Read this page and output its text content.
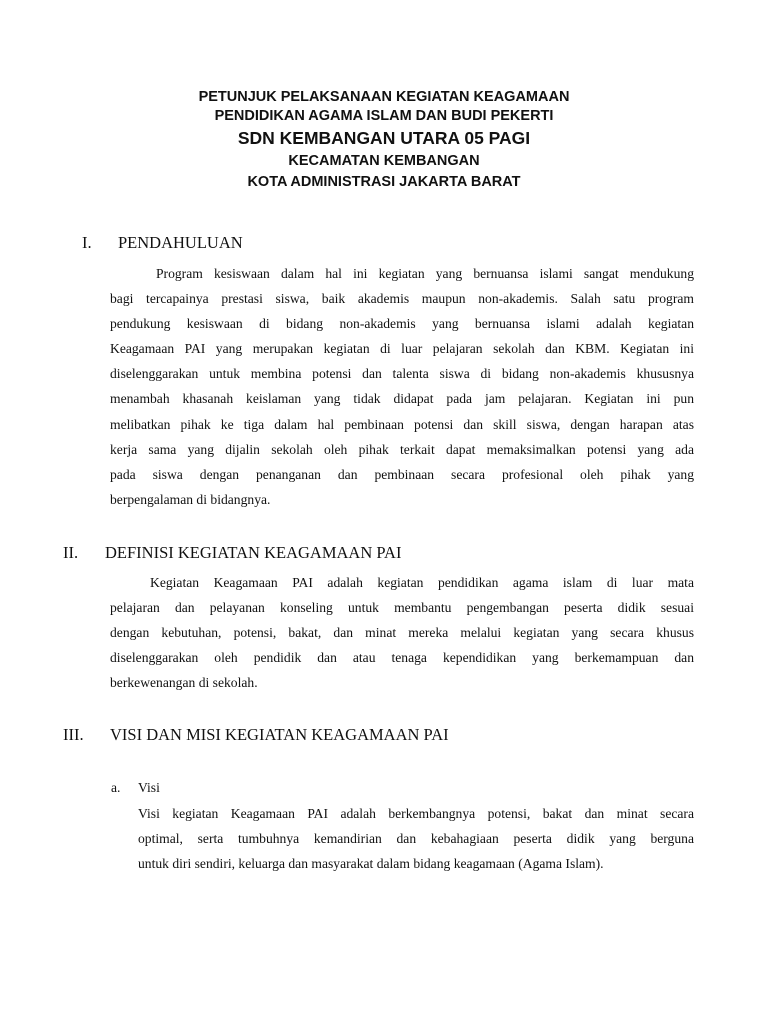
PETUNJUK PELAKSANAAN KEGIATAN KEAGAMAAN
PENDIDIKAN AGAMA ISLAM DAN BUDI PEKERTI
SDN KEMBANGAN UTARA 05 PAGI
KECAMATAN KEMBANGAN
KOTA ADMINISTRASI JAKARTA BARAT
I. PENDAHULUAN
Program kesiswaan dalam hal ini kegiatan yang bernuansa islami sangat mendukung
bagi tercapainya prestasi siswa, baik akademis maupun non-akademis. Salah satu program
pendukung kesiswaan di bidang non-akademis yang bernuansa islami adalah kegiatan
Keagamaan PAI yang merupakan kegiatan di luar pelajaran sekolah dan KBM. Kegiatan ini
diselenggarakan untuk membina potensi dan talenta siswa di bidang non-akademis khususnya
menambah khasanah keislaman yang tidak didapat pada jam pelajaran. Kegiatan ini pun
melibatkan pihak ke tiga dalam hal pembinaan potensi dan skill siswa, dengan harapan atas
kerja sama yang dijalin sekolah oleh pihak terkait dapat memaksimalkan potensi yang ada
pada siswa dengan penanganan dan pembinaan secara profesional oleh pihak yang
berpengalaman di bidangnya.
II. DEFINISI KEGIATAN KEAGAMAAN PAI
Kegiatan Keagamaan PAI adalah kegiatan pendidikan agama islam di luar mata
pelajaran dan pelayanan konseling untuk membantu pengembangan peserta didik sesuai
dengan kebutuhan, potensi, bakat, dan minat mereka melalui kegiatan yang secara khusus
diselenggarakan oleh pendidik dan atau tenaga kependidikan yang berkemampuan dan
berkewenangan di sekolah.
III. VISI DAN MISI KEGIATAN KEAGAMAAN PAI
a. Visi
Visi kegiatan Keagamaan PAI adalah berkembangnya potensi, bakat dan minat secara
optimal, serta tumbuhnya kemandirian dan kebahagiaan peserta didik yang berguna
untuk diri sendiri, keluarga dan masyarakat dalam bidang keagamaan (Agama Islam).
